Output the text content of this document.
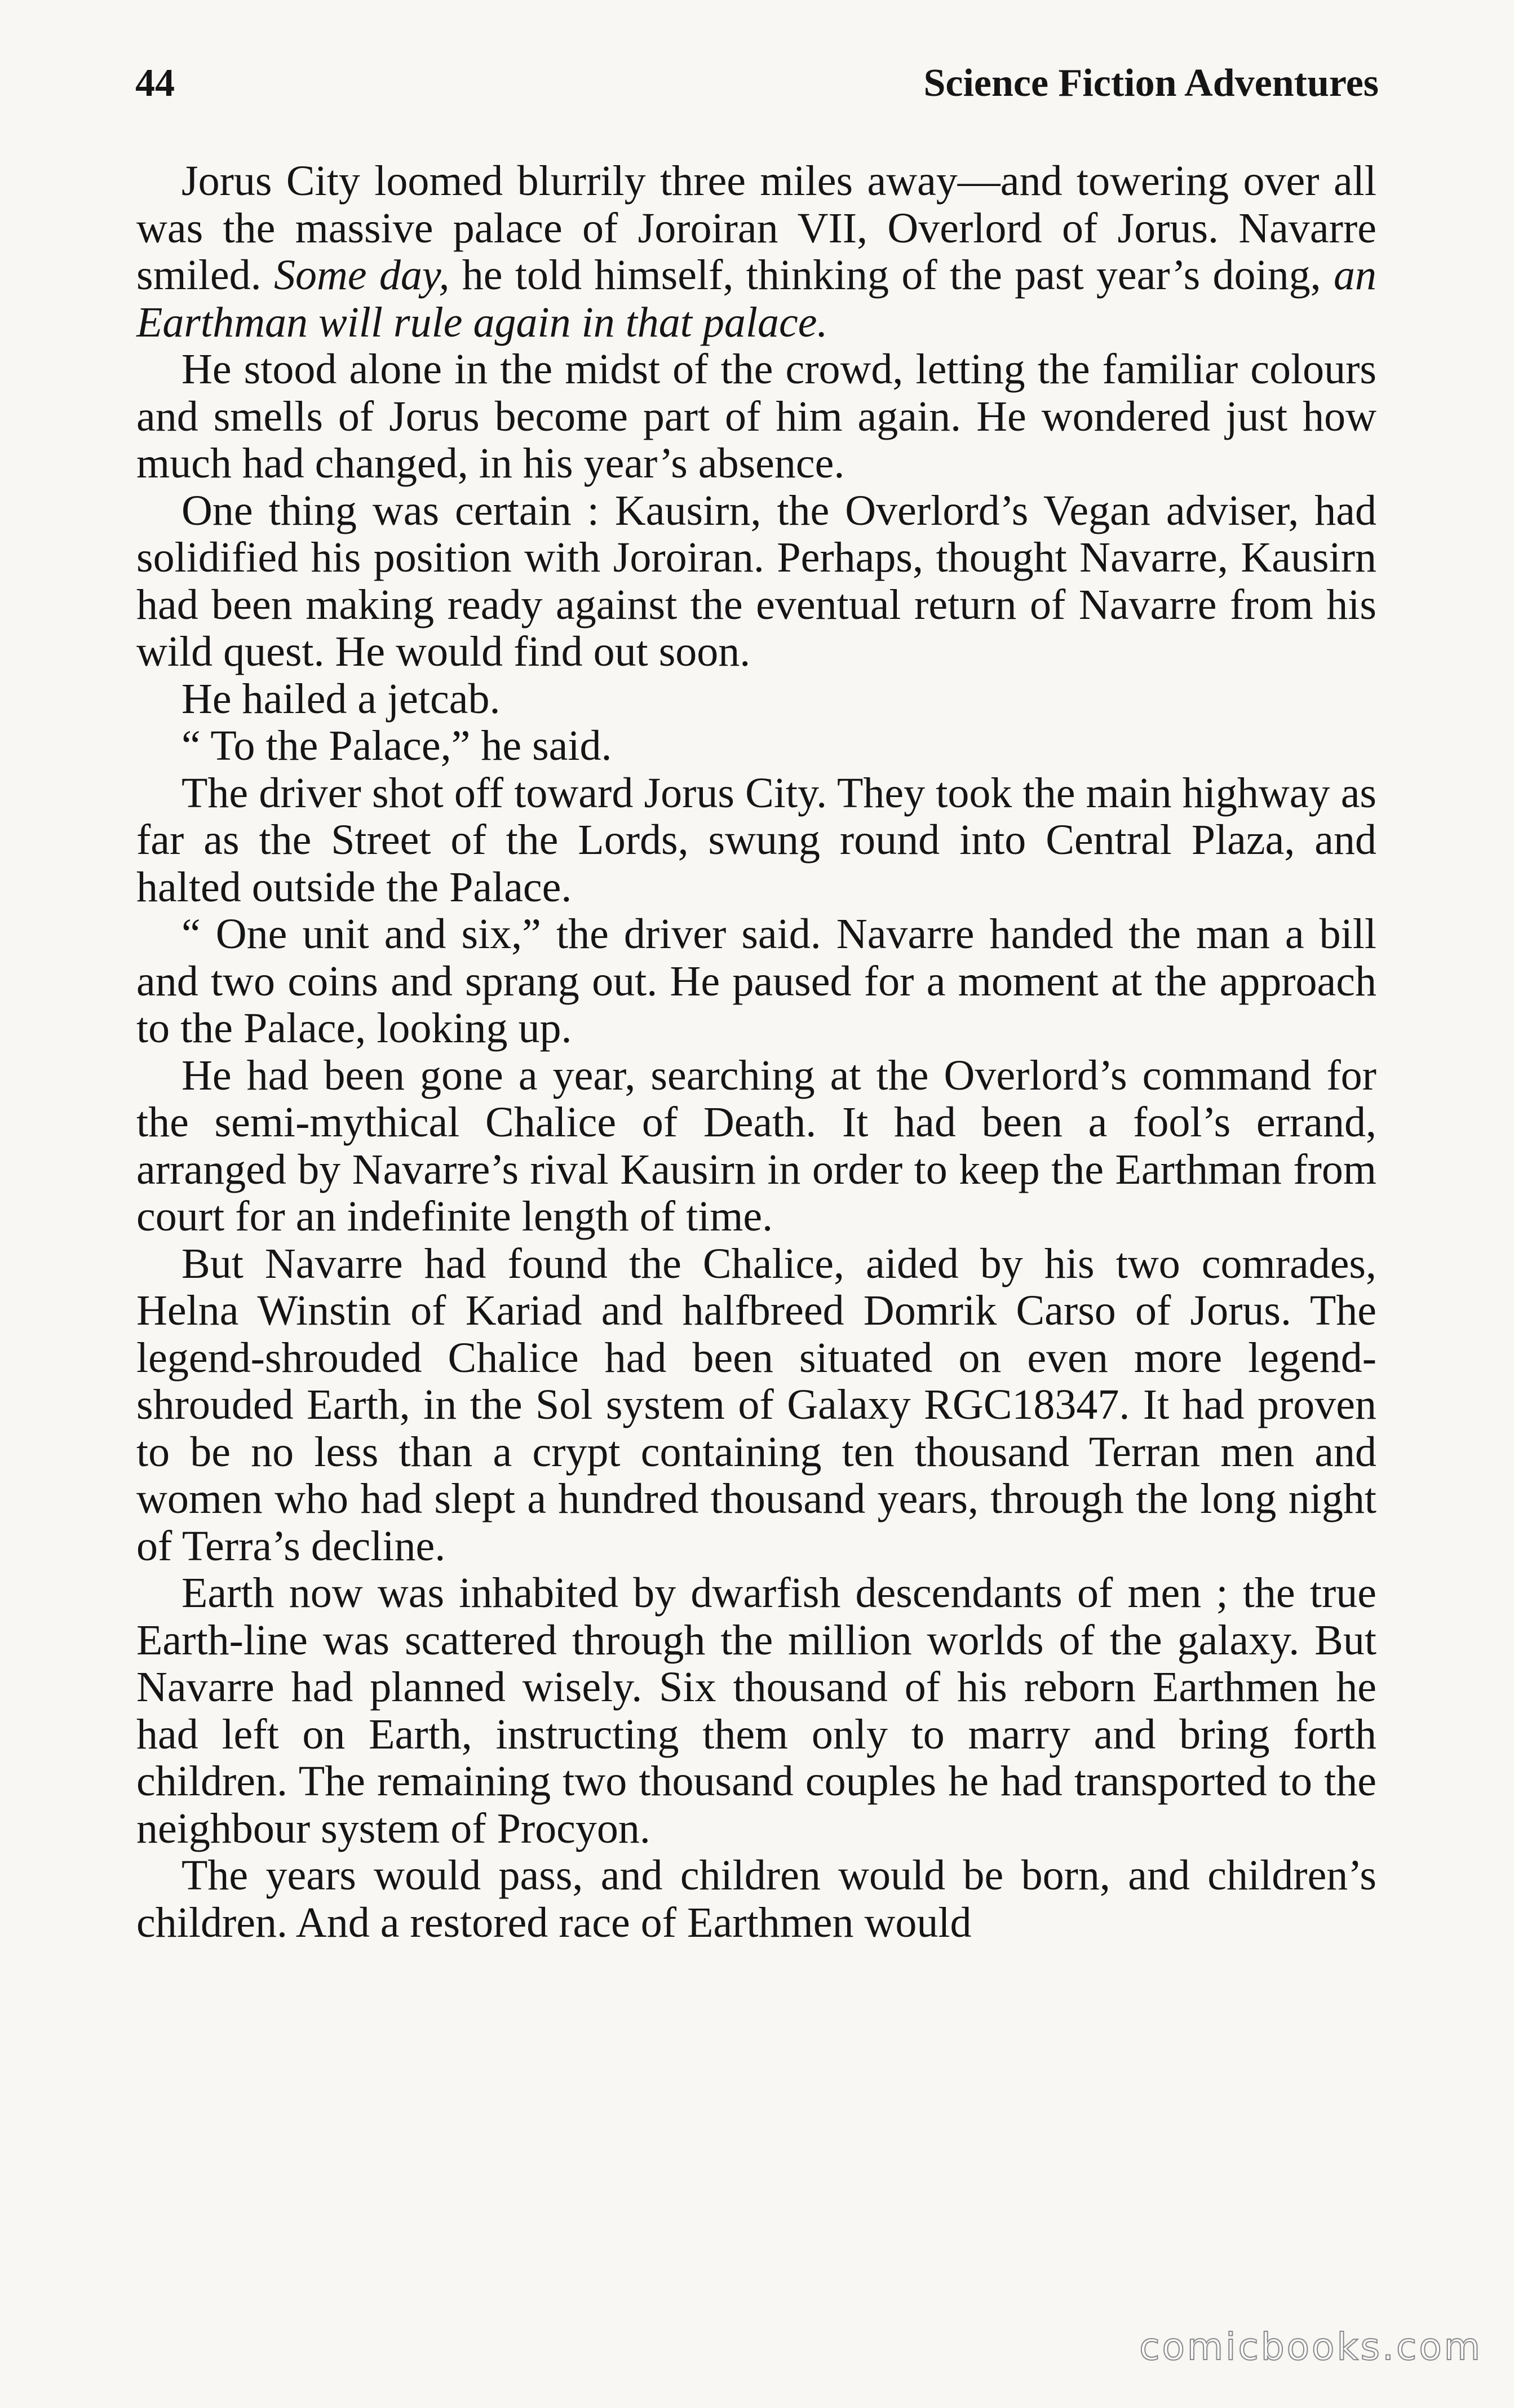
44	Science Fiction Adventures

Jorus City loomed blurrily three miles away—and towering over all was the massive palace of Joroiran VII, Overlord of Jorus. Navarre smiled. Some day, he told himself, thinking of the past year’s doing, an Earthman will rule again in that palace.

He stood alone in the midst of the crowd, letting the familiar colours and smells of Jorus become part of him again. He wondered just how much had changed, in his year’s absence.

One thing was certain : Kausirn, the Overlord’s Vegan adviser, had solidified his position with Joroiran. Perhaps, thought Navarre, Kausirn had been making ready against the eventual return of Navarre from his wild quest. He would find out soon.

He hailed a jetcab.

“ To the Palace,” he said.

The driver shot off toward Jorus City. They took the main highway as far as the Street of the Lords, swung round into Central Plaza, and halted outside the Palace.

“ One unit and six,” the driver said. Navarre handed the man a bill and two coins and sprang out. He paused for a moment at the approach to the Palace, looking up.

He had been gone a year, searching at the Overlord’s command for the semi-mythical Chalice of Death. It had been a fool’s errand, arranged by Navarre’s rival Kausirn in order to keep the Earthman from court for an indefinite length of time.

But Navarre had found the Chalice, aided by his two comrades, Helna Winstin of Kariad and halfbreed Domrik Carso of Jorus. The legend-shrouded Chalice had been situated on even more legend-shrouded Earth, in the Sol system of Galaxy RGC18347. It had proven to be no less than a crypt containing ten thousand Terran men and women who had slept a hundred thousand years, through the long night of Terra’s decline.

Earth now was inhabited by dwarfish descendants of men ; the true Earth-line was scattered through the million worlds of the galaxy. But Navarre had planned wisely. Six thousand of his reborn Earthmen he had left on Earth, instructing them only to marry and bring forth children. The remaining two thousand couples he had transported to the neighbour system of Procyon.

The years would pass, and children would be born, and children’s children. And a restored race of Earthmen would

comicbooks.com
